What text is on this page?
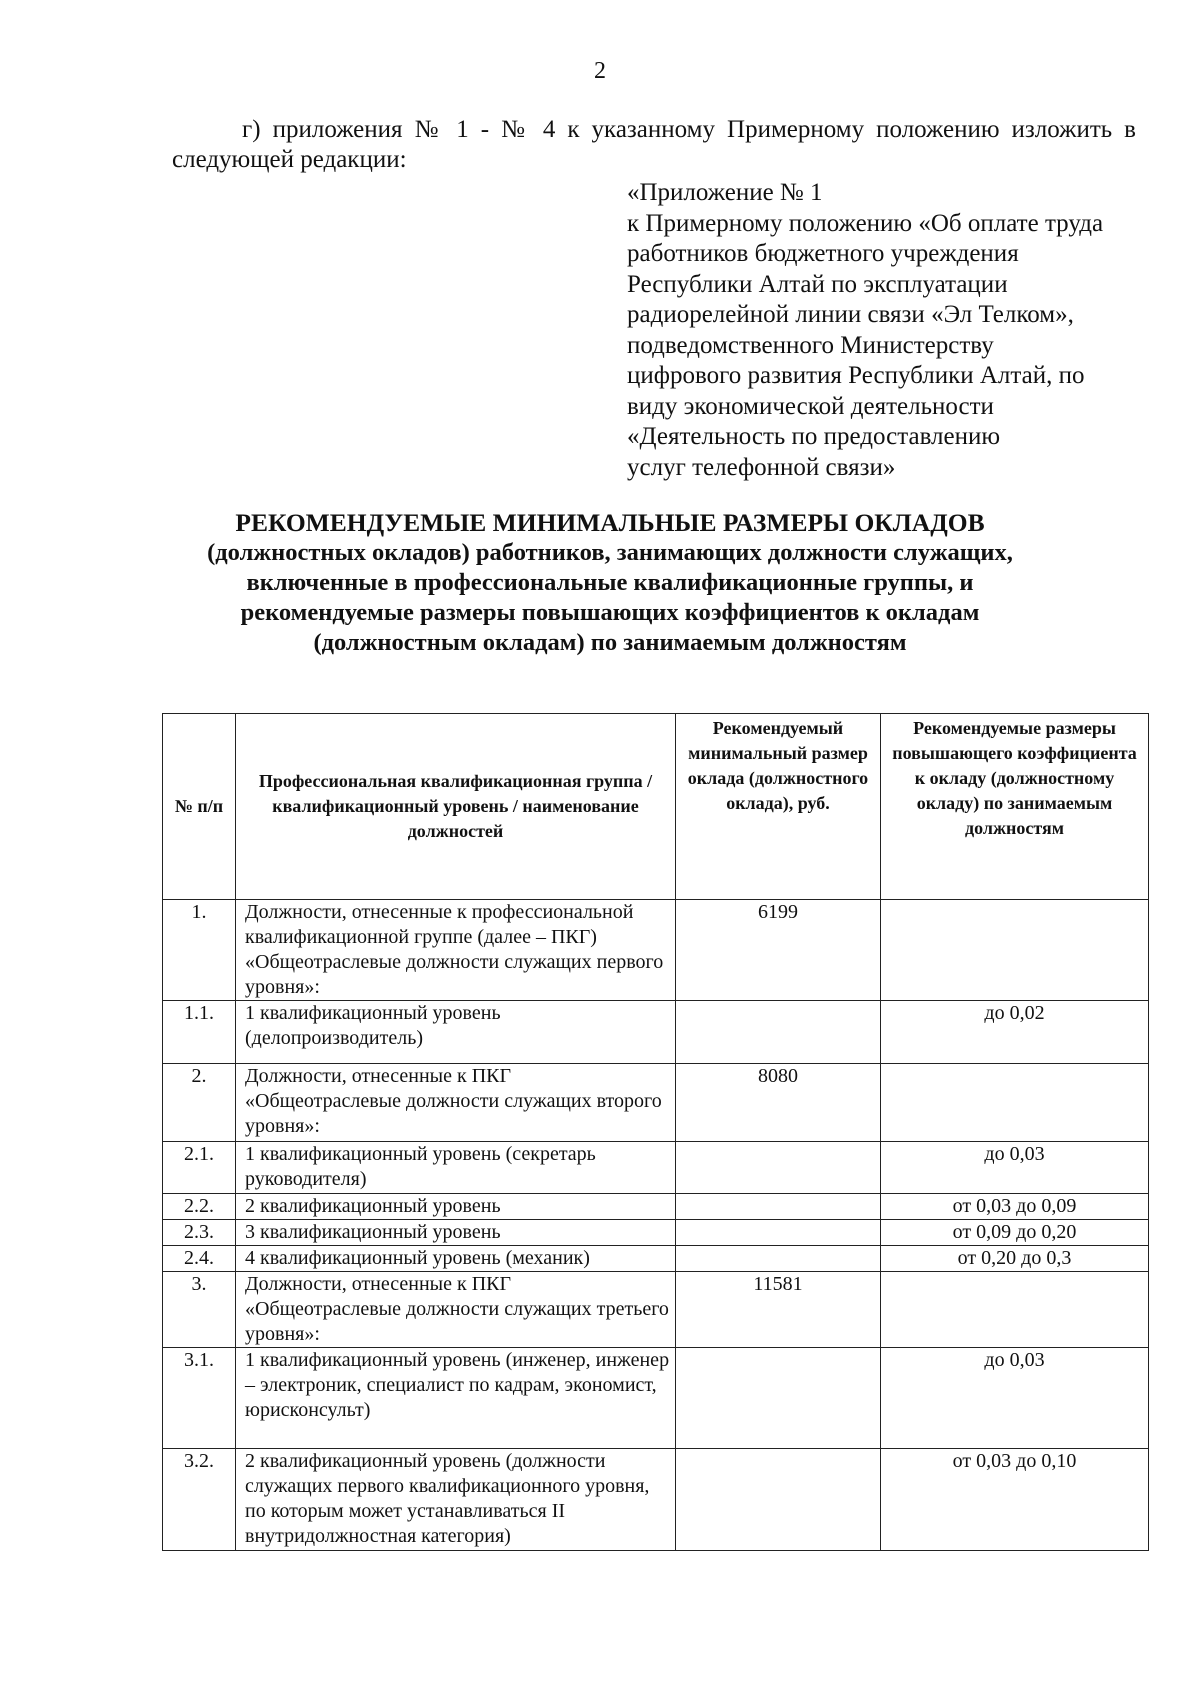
2
г) приложения № 1 - № 4 к указанному Примерному положению изложить в
следующей редакции:
«Приложение № 1
к Примерному положению «Об оплате труда
работников бюджетного учреждения
Республики Алтай по эксплуатации
радиорелейной линии связи «Эл Телком»,
подведомственного Министерству
цифрового развития Республики Алтай, по
виду экономической деятельности
«Деятельность по предоставлению
услуг телефонной связи»
РЕКОМЕНДУЕМЫЕ МИНИМАЛЬНЫЕ РАЗМЕРЫ ОКЛАДОВ
(должностных окладов) работников, занимающих должности служащих,
включенные в профессиональные квалификационные группы, и
рекомендуемые размеры повышающих коэффициентов к окладам
(должностным окладам) по занимаемым должностям
№ п/п	Профессиональная квалификационная группа / квалификационный уровень / наименование должностей	Рекомендуемый минимальный размер оклада (должностного оклада), руб.	Рекомендуемые размеры повышающего коэффициента к окладу (должностному окладу) по занимаемым должностям
1.	Должности, отнесенные к профессиональной квалификационной группе (далее – ПКГ) «Общеотраслевые должности служащих первого уровня»:	6199	
1.1.	1 квалификационный уровень (делопроизводитель)		до 0,02
2.	Должности, отнесенные к ПКГ «Общеотраслевые должности служащих второго уровня»:	8080	
2.1.	1 квалификационный уровень (секретарь руководителя)		до 0,03
2.2.	2 квалификационный уровень		от 0,03 до 0,09
2.3.	3 квалификационный уровень		от 0,09 до 0,20
2.4.	4 квалификационный уровень (механик)		от 0,20 до 0,3
3.	Должности, отнесенные к ПКГ «Общеотраслевые должности служащих третьего уровня»:	11581	
3.1.	1 квалификационный уровень (инженер, инженер – электроник, специалист по кадрам, экономист, юрисконсульт)		до 0,03
3.2.	2 квалификационный уровень (должности служащих первого квалификационного уровня, по которым может устанавливаться II внутридолжностная категория)		от 0,03 до 0,10
